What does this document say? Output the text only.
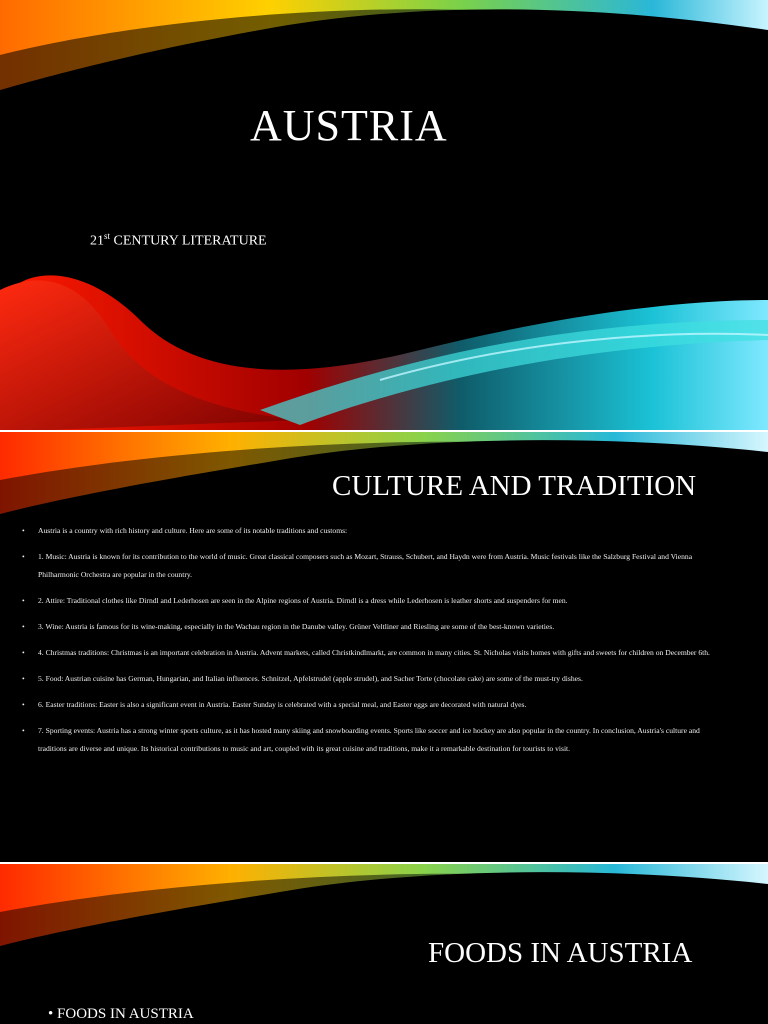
AUSTRIA

21st CENTURY LITERATURE

CULTURE AND TRADITION
• Austria is a country with rich history and culture. Here are some of its notable traditions and customs:
• 1. Music: Austria is known for its contribution to the world of music. Great classical composers such as Mozart, Strauss, Schubert, and Haydn were from Austria. Music festivals like the Salzburg Festival and Vienna Philharmonic Orchestra are popular in the country.
• 2. Attire: Traditional clothes like Dirndl and Lederhosen are seen in the Alpine regions of Austria. Dirndl is a dress while Lederhosen is leather shorts and suspenders for men.
• 3. Wine: Austria is famous for its wine-making, especially in the Wachau region in the Danube valley. Grüner Veltliner and Riesling are some of the best-known varieties.
• 4. Christmas traditions: Christmas is an important celebration in Austria. Advent markets, called Christkindlmarkt, are common in many cities. St. Nicholas visits homes with gifts and sweets for children on December 6th.
• 5. Food: Austrian cuisine has German, Hungarian, and Italian influences. Schnitzel, Apfelstrudel (apple strudel), and Sacher Torte (chocolate cake) are some of the must-try dishes.
• 6. Easter traditions: Easter is also a significant event in Austria. Easter Sunday is celebrated with a special meal, and Easter eggs are decorated with natural dyes.
• 7. Sporting events: Austria has a strong winter sports culture, as it has hosted many skiing and snowboarding events. Sports like soccer and ice hockey are also popular in the country. In conclusion, Austria's culture and traditions are diverse and unique. Its historical contributions to music and art, coupled with its great cuisine and traditions, make it a remarkable destination for tourists to visit.
FOODS IN AUSTRIA

• FOODS IN AUSTRIA
